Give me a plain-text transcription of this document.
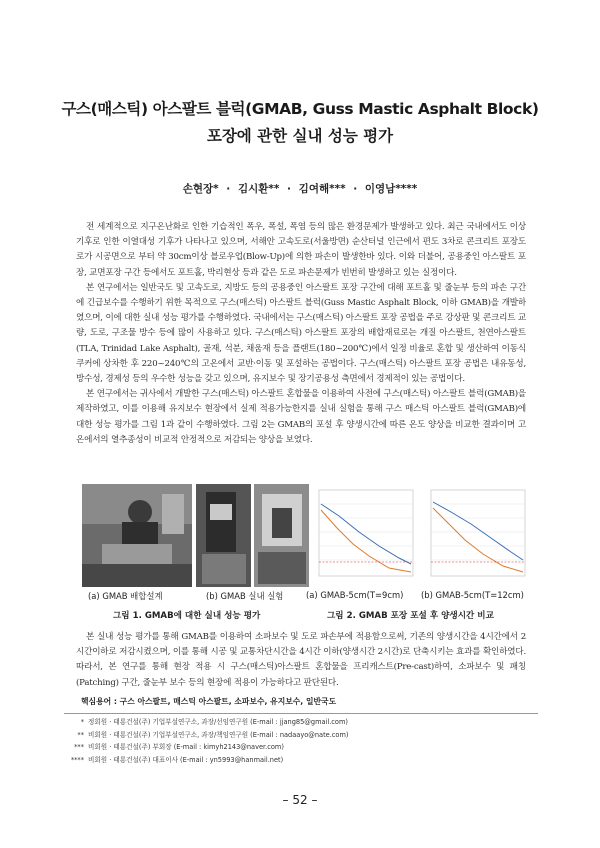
구스(매스틱) 아스팔트 블럭(GMAB, Guss Mastic Asphalt Block)
포장에 관한 실내 성능 평가
손현장* · 김시환** · 김여해*** · 이영남****

전 세계적으로 지구온난화로 인한 기습적인 폭우, 폭설, 폭염 등의 많은 환경문제가 발생하고 있다. 최근 국내에서도 이상기후로 인한 이열대성 기후가 나타나고 있으며, 서해안 고속도로(서울방면) 순산터널 인근에서 편도 3차로 콘크리트 포장도로가 시공면으로 부터 약 30cm이상 블로우업(Blow-Up)에 의한 파손이 발생한바 있다. 이와 더불어, 공용중인 아스팔트 포장, 교면포장 구간 등에서도 포트홀, 박리현상 등과 같은 도로 파손문제가 빈번히 발생하고 있는 실정이다.

본 연구에서는 일반국도 및 고속도로, 지방도 등의 공용중인 아스팔트 포장 구간에 대해 포트홀 및 줄눈부 등의 파손 구간에 긴급보수를 수행하기 위한 목적으로 구스(매스틱) 아스팔트 블럭(Guss Mastic Asphalt Block, 이하 GMAB)을 개발하였으며, 이에 대한 실내 성능 평가를 수행하였다. 국내에서는 구스(매스틱) 아스팔트 포장 공법을 주로 강상판 및 콘크리트 교량, 도로, 구조물 방수 등에 많이 사용하고 있다. 구스(매스틱) 아스팔트 포장의 배합재료로는 개질 아스팔트, 천연아스팔트(TLA, Trinidad Lake Asphalt), 골재, 석분, 채움재 등을 플랜트(180~200℃)에서 일정 비율로 혼합 및 생산하여 이동식 쿠커에 상차한 후 220~240℃의 고온에서 교반·이동 및 포설하는 공법이다. 구스(매스틱) 아스팔트 포장 공법은 내유동성, 방수성, 경제성 등의 우수한 성능을 갖고 있으며, 유지보수 및 장기공용성 측면에서 경제적이 있는 공법이다.

본 연구에서는 귀사에서 개발한 구스(매스틱) 아스팔트 혼합물을 이용하여 사전에 구스(매스틱) 아스팔트 블럭(GMAB)을 제작하였고, 이를 이용해 유지보수 현장에서 실제 적용가능한지를 실내 실험을 통해 구스 매스틱 아스팔트 블럭(GMAB)에 대한 성능 평가를 그림 1과 같이 수행하였다. 그림 2는 GMAB의 포설 후 양생시간에 따른 온도 양상을 비교한 결과이며 고온에서의 열추종성이 비교적 안정적으로 저감되는 양상을 보였다.

(a) GMAB 배합설계	(b) GMAB 실내 실험	(a) GMAB-5cm(T=9cm) (b) GMAB-5cm(T=12cm)
그림 1. GMAB에 대한 실내 성능 평가	그림 2. GMAB 포장 포설 후 양생시간 비교

본 실내 성능 평가를 통해 GMAB를 이용하여 소파보수 및 도로 파손부에 적용함으로써, 기존의 양생시간을 4시간에서 2시간이하로 저감시켰으며, 이를 통해 시공 및 교통차단시간을 4시간 이하(양생시간 2시간)로 단축시키는 효과를 확인하였다. 따라서, 본 연구를 통해 현장 적용 시 구스(매스틱)아스팔트 혼합물을 프리캐스트(Pre-cast)하여, 소파보수 및 패칭(Patching) 구간, 줄눈부 보수 등의 현장에 적용이 가능하다고 판단된다.

핵심용어 : 구스 아스팔트, 매스틱 아스팔트, 소파보수, 유지보수, 일반국도
* 정회원 · 태룡건설(주) 기업부설연구소, 과장/선임연구원 (E-mail : jjang85@gmail.com)
** 비회원 · 태룡건설(주) 기업부설연구소, 과장/책임연구원 (E-mail : nadaayo@nate.com)
*** 비회원 · 태룡건설(주) 부회장 (E-mail : kimyh2143@naver.com)
**** 비회원 · 태룡건설(주) 대표이사 (E-mail : yn5993@hanmail.net)
– 52 –
